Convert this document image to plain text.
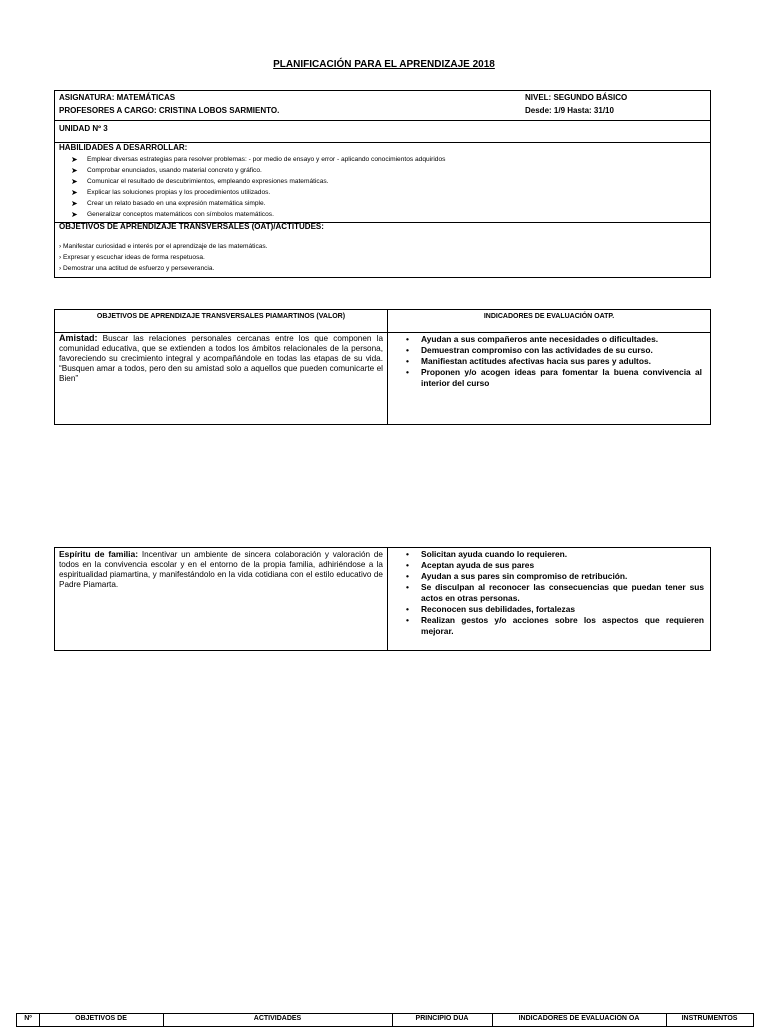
PLANIFICACIÓN PARA EL APRENDIZAJE 2018
ASIGNATURA: MATEMÁTICAS
PROFESORES A CARGO: CRISTINA LOBOS SARMIENTO.
NIVEL: SEGUNDO BÁSICO
Desde: 1/9 Hasta: 31/10
UNIDAD Nº 3
HABILIDADES A DESARROLLAR:
➤ Emplear diversas estrategias para resolver problemas: - por medio de ensayo y error - aplicando conocimientos adquiridos
➤ Comprobar enunciados, usando material concreto y gráfico.
➤ Comunicar el resultado de descubrimientos, empleando expresiones matemáticas.
➤ Explicar las soluciones propias y los procedimientos utilizados.
➤ Crear un relato basado en una expresión matemática simple.
➤ Generalizar conceptos matemáticos con símbolos matemáticos.
OBJETIVOS DE APRENDIZAJE TRANSVERSALES (OAT)/ACTITUDES:
› Manifestar curiosidad e interés por el aprendizaje de las matemáticas.
› Expresar y escuchar ideas de forma respetuosa.
› Demostrar una actitud de esfuerzo y perseverancia.
OBJETIVOS DE APRENDIZAJE TRANSVERSALES PIAMARTINOS (VALOR)	INDICADORES DE EVALUACIÓN OATP.
Amistad: Buscar las relaciones personales cercanas entre los que componen la comunidad educativa, que se extienden a todos los ámbitos relacionales de la persona, favoreciendo su crecimiento integral y acompañándole en todas las etapas de su vida. “Busquen amar a todos, pero den su amistad solo a aquellos que pueden comunicarte el Bien”
• Ayudan a sus compañeros ante necesidades o dificultades.
• Demuestran compromiso con las actividades de su curso.
• Manifiestan actitudes afectivas hacia sus pares y adultos.
• Proponen y/o acogen ideas para fomentar la buena convivencia al interior del curso
Espíritu de familia: Incentivar un ambiente de sincera colaboración y valoración de todos en la convivencia escolar y en el entorno de la propia familia, adhiriéndose a la espiritualidad piamartina, y manifestándolo en la vida cotidiana con el estilo educativo de Padre Piamarta.
• Solicitan ayuda cuando lo requieren.
• Aceptan ayuda de sus pares
• Ayudan a sus pares sin compromiso de retribución.
• Se disculpan al reconocer las consecuencias que puedan tener sus actos en otras personas.
• Reconocen sus debilidades, fortalezas
• Realizan gestos y/o acciones sobre los aspectos que requieren mejorar.
Nº	OBJETIVOS DE	ACTIVIDADES	PRINCIPIO DUA	INDICADORES DE EVALUACIÓN OA	INSTRUMENTOS
